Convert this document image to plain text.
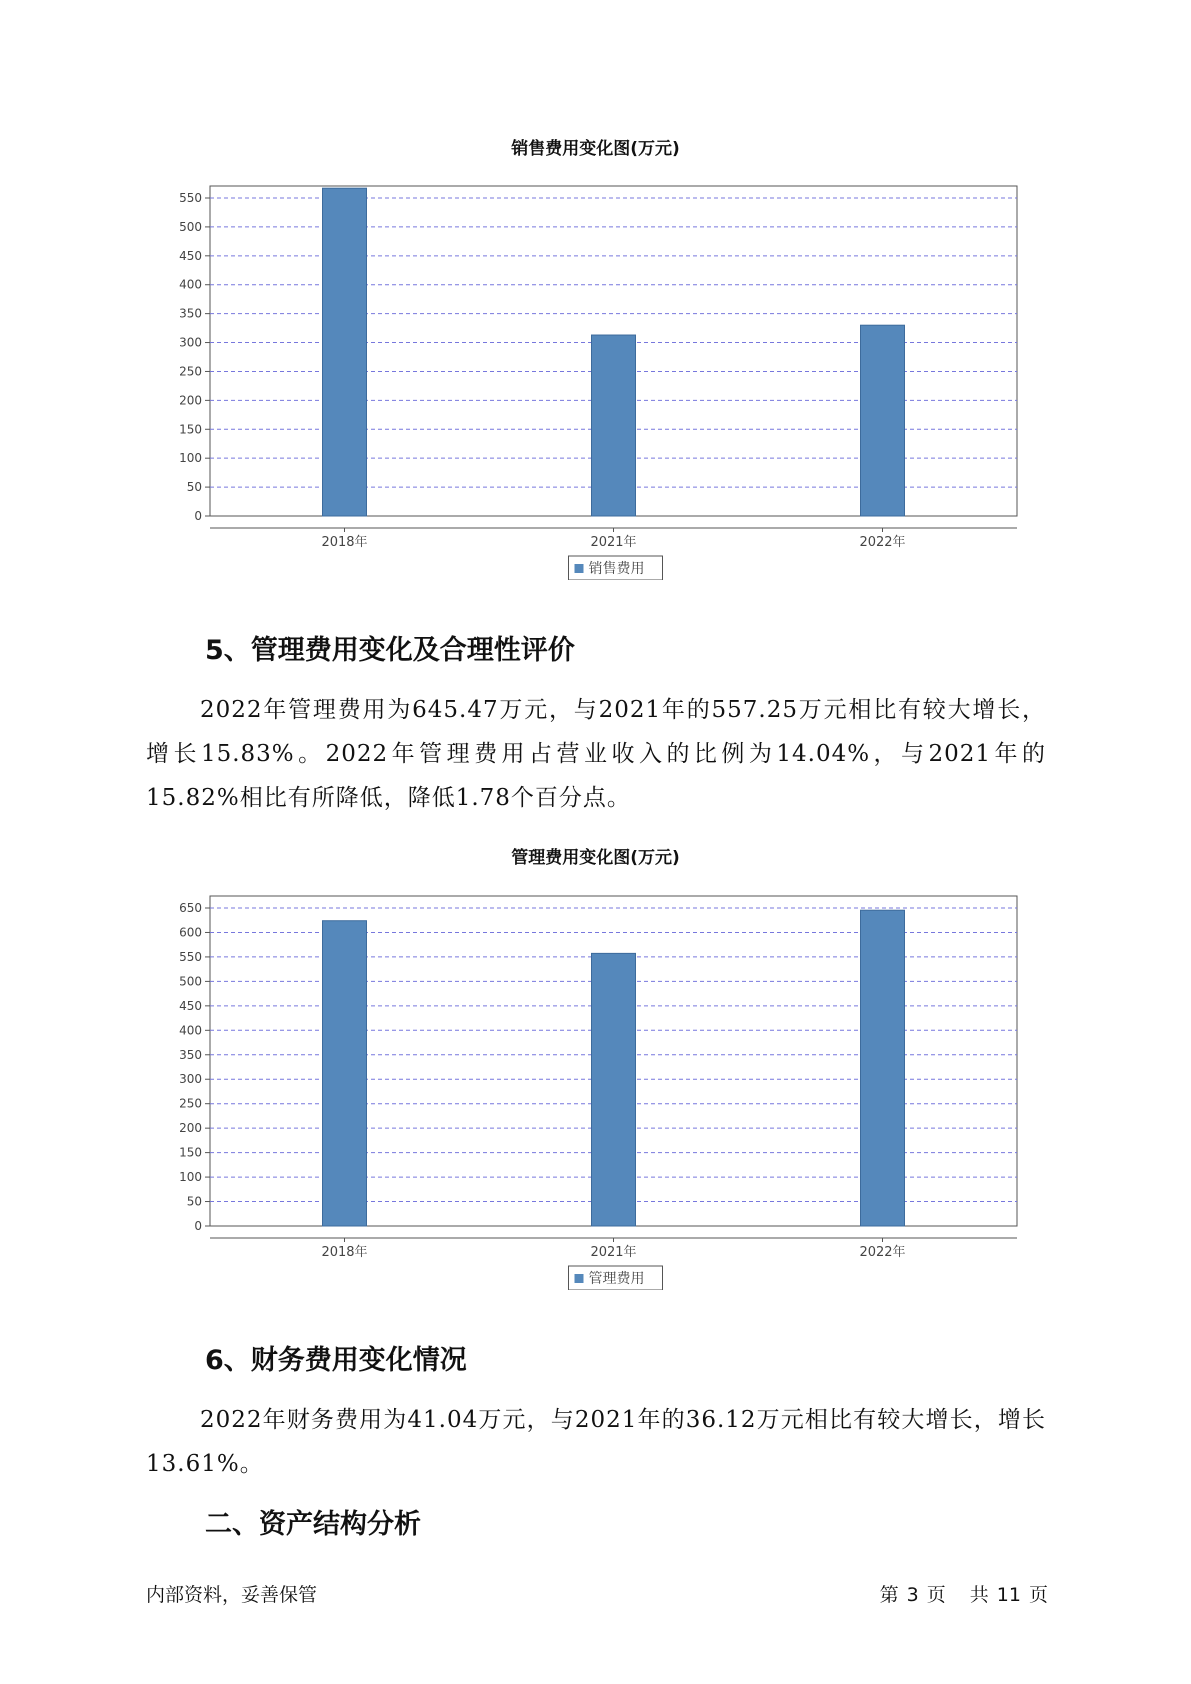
销售费用变化图(万元)
0
50
100
150
200
250
300
350
400
450
500
550
2018年	2021年	2022年
销售费用
5、管理费用变化及合理性评价
2022年管理费用为645.47万元，与2021年的557.25万元相比有较大增长，增长15.83%。2022年管理费用占营业收入的比例为14.04%，与2021年的15.82%相比有所降低，降低1.78个百分点。
管理费用变化图(万元)
0
50
100
150
200
250
300
350
400
450
500
550
600
650
2018年	2021年	2022年
管理费用
6、财务费用变化情况
2022年财务费用为41.04万元，与2021年的36.12万元相比有较大增长，增长13.61%。
二、资产结构分析
内部资料，妥善保管	第 3 页 共 11 页
